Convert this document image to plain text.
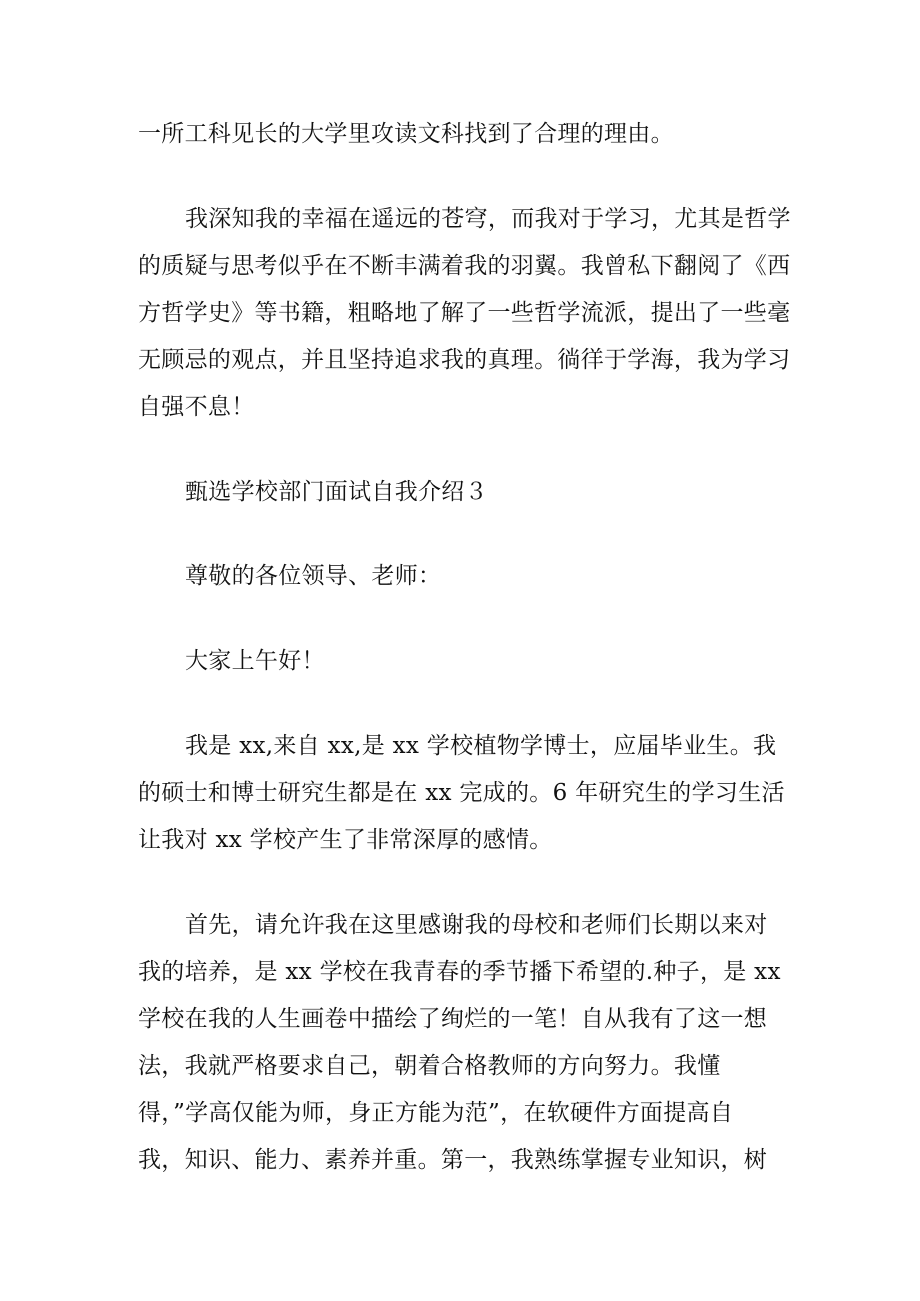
一所工科见长的大学里攻读文科找到了合理的理由。

我深知我的幸福在遥远的苍穹，而我对于学习，尤其是哲学

的质疑与思考似乎在不断丰满着我的羽翼。我曾私下翻阅了《西

方哲学史》等书籍，粗略地了解了一些哲学流派，提出了一些毫

无顾忌的观点，并且坚持追求我的真理。徜徉于学海，我为学习

自强不息！

甄选学校部门面试自我介绍３

尊敬的各位领导、老师：

大家上午好！

我是 xx,来自 xx,是 xx 学校植物学博士，应届毕业生。我

的硕士和博士研究生都是在 xx 完成的。6 年研究生的学习生活

让我对 xx 学校产生了非常深厚的感情。

首先，请允许我在这里感谢我的母校和老师们长期以来对

我的培养，是 xx 学校在我青春的季节播下希望的.种子，是 xx

学校在我的人生画卷中描绘了绚烂的一笔！自从我有了这一想

法，我就严格要求自己，朝着合格教师的方向努力。我懂

得，”学高仅能为师，身正方能为范”，在软硬件方面提高自

我，知识、能力、素养并重。第一，我熟练掌握专业知识，树
